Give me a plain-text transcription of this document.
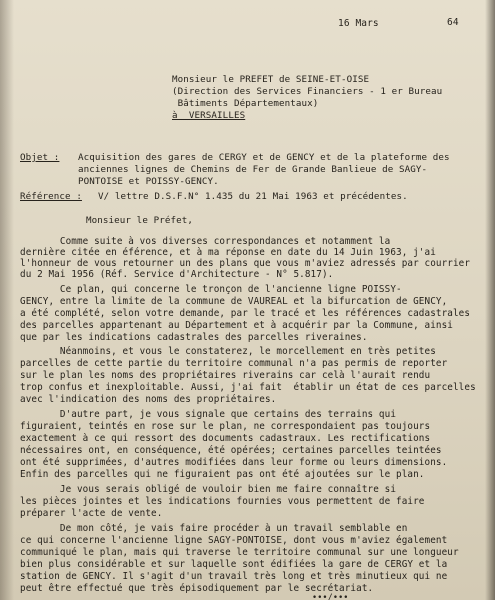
16 Mars	64
Monsieur le PREFET de SEINE-ET-OISE
(Direction des Services Financiers - 1 er Bureau
Bâtiments Départementaux)
à  VERSAILLES
Objet : Acquisition des gares de CERGY et de GENCY et de la plateforme des
anciennes lignes de Chemins de Fer de Grande Banlieue de SAGY-
PONTOISE et POISSY-GENCY.
Référence : V/ lettre D.S.F.N° 1.435 du 21 Mai 1963 et précédentes.
Monsieur le Préfet,
Comme suite à vos diverses correspondances et notamment la
dernière citée en éférence, et à ma réponse en date du 14 Juin 1963, j'ai
l'honneur de vous retourner un des plans que vous m'aviez adressés par courrier
du 2 Mai 1956 (Réf. Service d'Architecture - N° 5.817).
Ce plan, qui concerne le tronçon de l'ancienne ligne POISSY-
GENCY, entre la limite de la commune de VAUREAL et la bifurcation de GENCY,
a été complété, selon votre demande, par le tracé et les références cadastrales
des parcelles appartenant au Département et à acquérir par la Commune, ainsi
que par les indications cadastrales des parcelles riveraines.
Néanmoins, et vous le constaterez, le morcellement en très petites
parcelles de cette partie du territoire communal n'a pas permis de reporter
sur le plan les noms des propriétaires riverains car celà l'aurait rendu
trop confus et inexploitable. Aussi, j'ai fait  établir un état de ces parcelles
avec l'indication des noms des propriétaires.
D'autre part, je vous signale que certains des terrains qui
figuraient, teintés en rose sur le plan, ne correspondaient pas toujours
exactement à ce qui ressort des documents cadastraux. Les rectifications
nécessaires ont, en conséquence, été opérées; certaines parcelles teintées
ont été supprimées, d'autres modifiées dans leur forme ou leurs dimensions.
Enfin des parcelles qui ne figuraient pas ont été ajoutées sur le plan.
Je vous serais obligé de vouloir bien me faire connaître si
les pièces jointes et les indications fournies vous permettent de faire
préparer l'acte de vente.
De mon côté, je vais faire procéder à un travail semblable en
ce qui concerne l'ancienne ligne SAGY-PONTOISE, dont vous m'aviez également
communiqué le plan, mais qui traverse le territoire communal sur une longueur
bien plus considérable et sur laquelle sont édifiées la gare de CERGY et la
station de GENCY. Il s'agit d'un travail très long et très minutieux qui ne
peut être effectué que très épisodiquement par le secrétariat.
•••/•••
